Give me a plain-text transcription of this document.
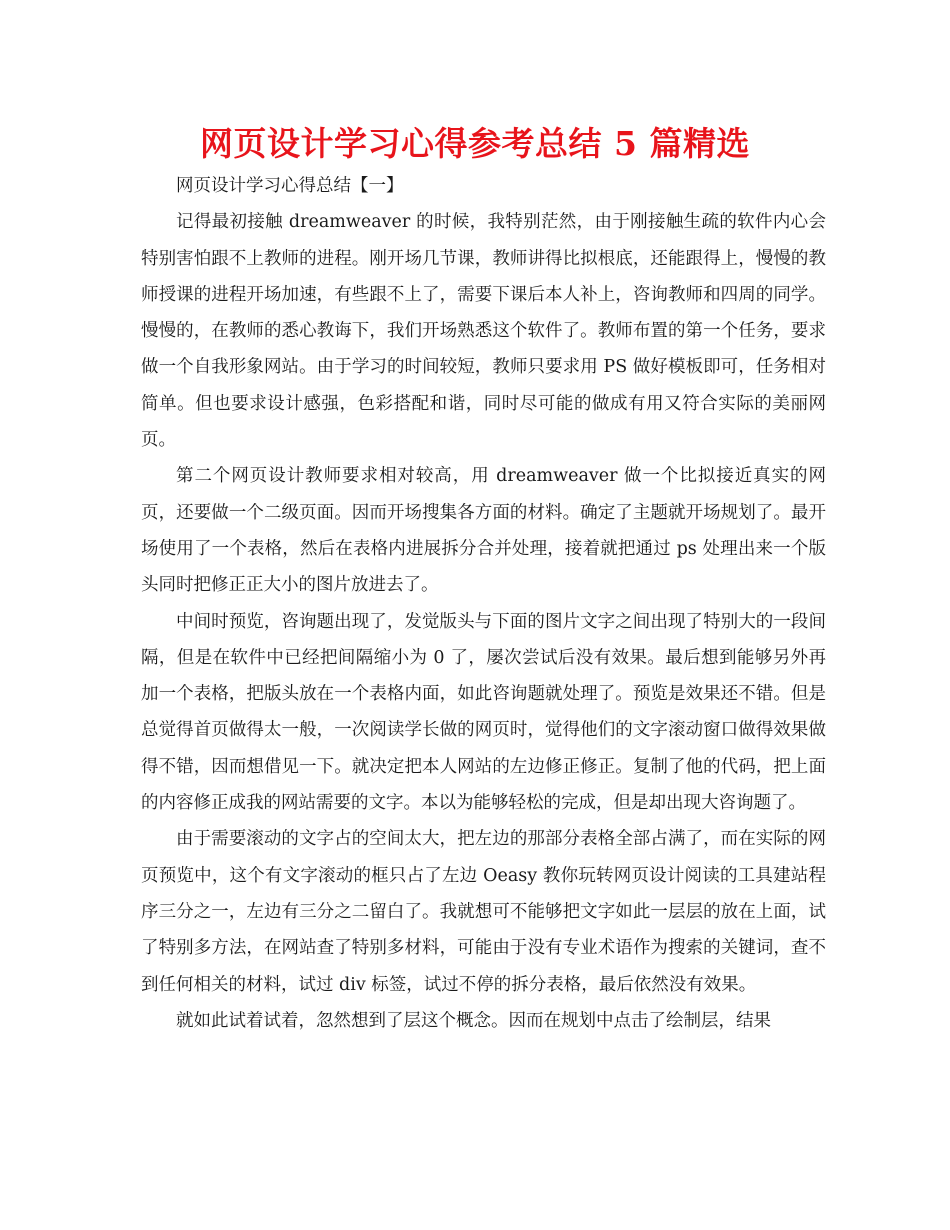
网页设计学习心得参考总结 5 篇精选

网页设计学习心得总结【一】

记得最初接触 dreamweaver 的时候，我特别茫然，由于刚接触生疏的软件内心会特别害怕跟不上教师的进程。刚开场几节课，教师讲得比拟根底，还能跟得上，慢慢的教师授课的进程开场加速，有些跟不上了，需要下课后本人补上，咨询教师和四周的同学。慢慢的，在教师的悉心教诲下，我们开场熟悉这个软件了。教师布置的第一个任务，要求做一个自我形象网站。由于学习的时间较短，教师只要求用 PS 做好模板即可，任务相对简单。但也要求设计感强，色彩搭配和谐，同时尽可能的做成有用又符合实际的美丽网页。

第二个网页设计教师要求相对较高，用 dreamweaver 做一个比拟接近真实的网页，还要做一个二级页面。因而开场搜集各方面的材料。确定了主题就开场规划了。最开场使用了一个表格，然后在表格内进展拆分合并处理，接着就把通过 ps 处理出来一个版头同时把修正正大小的图片放进去了。

中间时预览，咨询题出现了，发觉版头与下面的图片文字之间出现了特别大的一段间隔，但是在软件中已经把间隔缩小为 0 了，屡次尝试后没有效果。最后想到能够另外再加一个表格，把版头放在一个表格内面，如此咨询题就处理了。预览是效果还不错。但是总觉得首页做得太一般，一次阅读学长做的网页时，觉得他们的文字滚动窗口做得效果做得不错，因而想借见一下。就决定把本人网站的左边修正修正。复制了他的代码，把上面的内容修正成我的网站需要的文字。本以为能够轻松的完成，但是却出现大咨询题了。

由于需要滚动的文字占的空间太大，把左边的那部分表格全部占满了，而在实际的网页预览中，这个有文字滚动的框只占了左边 Oeasy 教你玩转网页设计阅读的工具建站程序三分之一，左边有三分之二留白了。我就想可不能够把文字如此一层层的放在上面，试了特别多方法，在网站查了特别多材料，可能由于没有专业术语作为搜索的关键词，查不到任何相关的材料，试过 div 标签，试过不停的拆分表格，最后依然没有效果。

就如此试着试着，忽然想到了层这个概念。因而在规划中点击了绘制层，结果
